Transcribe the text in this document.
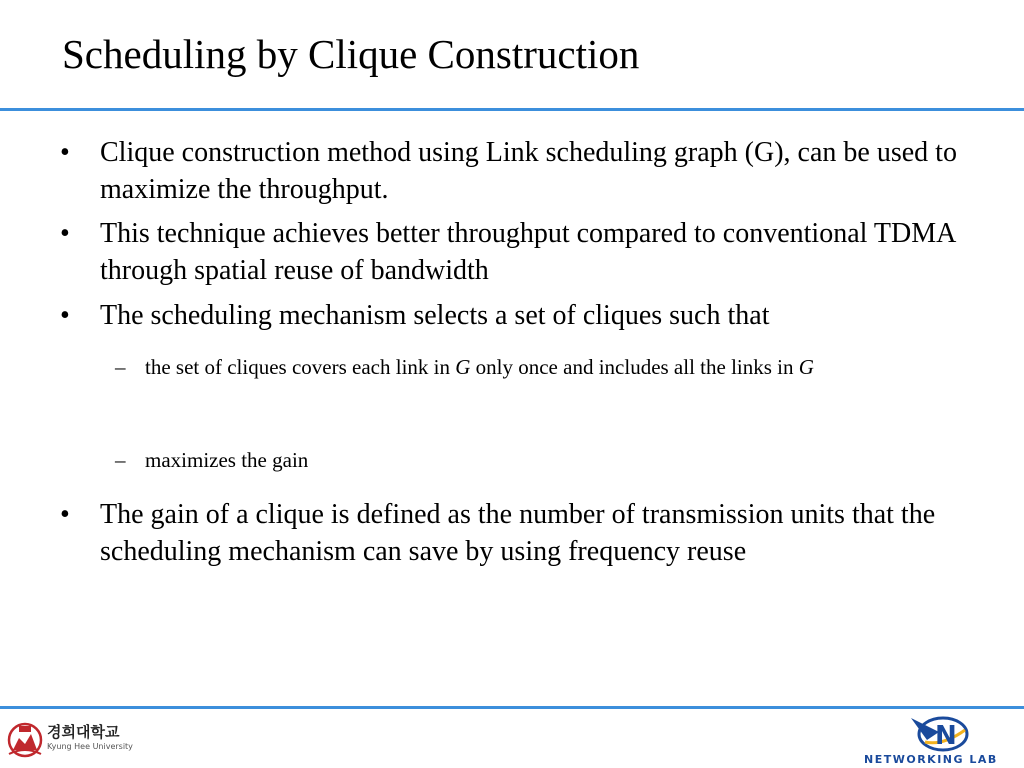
Scheduling by Clique Construction
• Clique construction method using Link scheduling graph (G), can be used to maximize the throughput.
• This technique achieves better throughput compared to conventional TDMA through spatial reuse of bandwidth
• The scheduling mechanism selects a set of cliques such that
– the set of cliques covers each link in G only once and includes all the links in G
– maximizes the gain
• The gain of a clique is defined as the number of transmission units that the scheduling mechanism can save by using frequency reuse
경희대학교
Kyung Hee University	N
NETWORKING LAB
